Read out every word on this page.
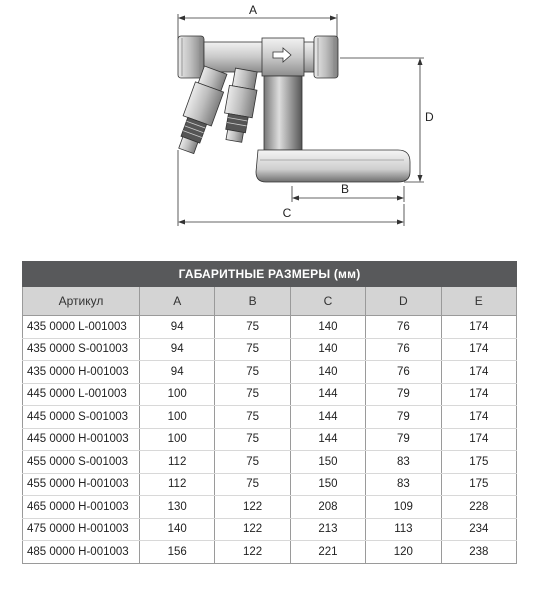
A
D
B
C
ГАБАРИТНЫЕ РАЗМЕРЫ (мм)					
Артикул	A	B	C	D	E
435 0000 L-001003	94	75	140	76	174
435 0000 S-001003	94	75	140	76	174
435 0000 H-001003	94	75	140	76	174
445 0000 L-001003	100	75	144	79	174
445 0000 S-001003	100	75	144	79	174
445 0000 H-001003	100	75	144	79	174
455 0000 S-001003	112	75	150	83	175
455 0000 H-001003	112	75	150	83	175
465 0000 H-001003	130	122	208	109	228
475 0000 H-001003	140	122	213	113	234
485 0000 H-001003	156	122	221	120	238
